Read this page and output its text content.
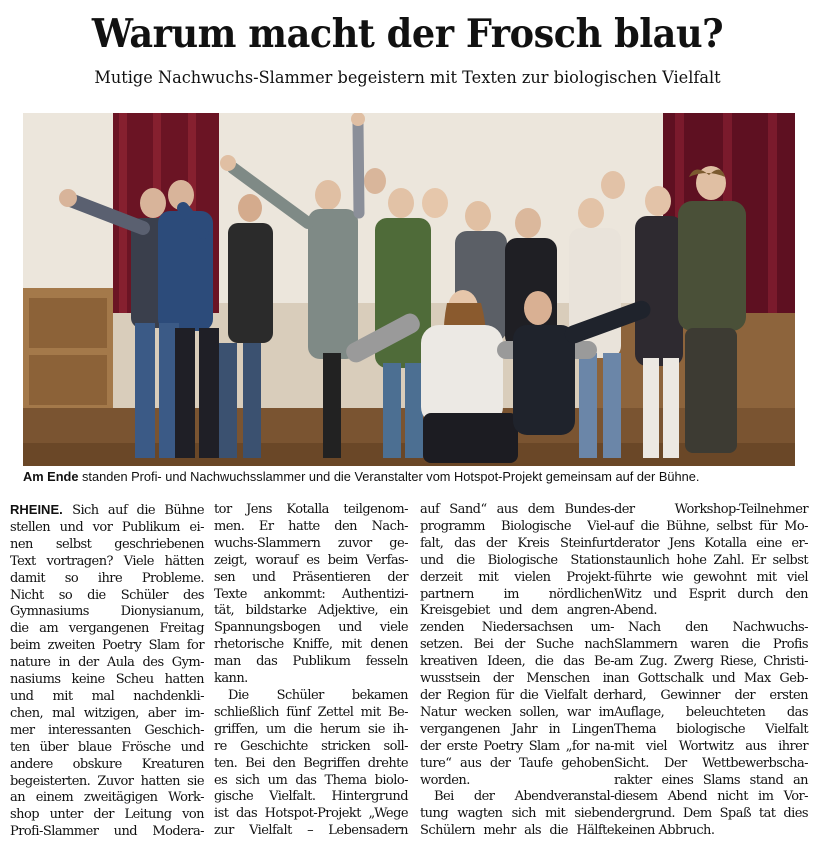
Warum macht der Frosch blau?

Mutige Nachwuchs-Slammer begeistern mit Texten zur biologischen Vielfalt

Am Ende standen Profi- und Nachwuchsslammer und die Veranstalter vom Hotspot-Projekt gemeinsam auf der Bühne.

RHEINE. Sich auf die Bühne
stellen und vor Publikum ei-
nen selbst geschriebenen
Text vortragen? Viele hätten
damit so ihre Probleme.
Nicht so die Schüler des
Gymnasiums Dionysianum,
die am vergangenen Freitag
beim zweiten Poetry Slam for
nature in der Aula des Gym-
nasiums keine Scheu hatten
und mit mal nachdenkli-
chen, mal witzigen, aber im-
mer interessanten Geschich-
ten über blaue Frösche und
andere obskure Kreaturen
begeisterten. Zuvor hatten sie
an einem zweitägigen Work-
shop unter der Leitung von
Profi-Slammer und Modera-
tor Jens Kotalla teilgenom-
men. Er hatte den Nach-
wuchs-Slammern zuvor ge-
zeigt, worauf es beim Verfas-
sen und Präsentieren der
Texte ankommt: Authentizi-
tät, bildstarke Adjektive, ein
Spannungsbogen und viele
rhetorische Kniffe, mit denen
man das Publikum fesseln
kann.
Die Schüler bekamen
schließlich fünf Zettel mit Be-
griffen, um die herum sie ih-
re Geschichte stricken soll-
ten. Bei den Begriffen drehte
es sich um das Thema biolo-
gische Vielfalt. Hintergrund
ist das Hotspot-Projekt „Wege
zur Vielfalt – Lebensadern
auf Sand“ aus dem Bundes-
programm Biologische Viel-
falt, das der Kreis Steinfurt
und die Biologische Station
derzeit mit vielen Projekt-
partnern im nördlichen
Kreisgebiet und dem angren-
zenden Niedersachsen um-
setzen. Bei der Suche nach
kreativen Ideen, die das Be-
wusstsein der Menschen in
der Region für die Vielfalt der
Natur wecken sollen, war im
vergangenen Jahr in Lingen
der erste Poetry Slam „for na-
ture“ aus der Taufe gehoben
worden.
Bei der Abendveranstal-
tung wagten sich mit sieben
Schülern mehr als die Hälfte
der Workshop-Teilnehmer
auf die Bühne, selbst für Mo-
derator Jens Kotalla eine er-
staunlich hohe Zahl. Er selbst
führte wie gewohnt mit viel
Witz und Esprit durch den
Abend.
Nach den Nachwuchs-
Slammern waren die Profis
am Zug. Zwerg Riese, Christi-
an Gottschalk und Max Geb-
hard, Gewinner der ersten
Auflage, beleuchteten das
Thema biologische Vielfalt
mit viel Wortwitz aus ihrer
Sicht. Der Wettbewerbscha-
rakter eines Slams stand an
diesem Abend nicht im Vor-
dergrund. Dem Spaß tat dies
keinen Abbruch.
